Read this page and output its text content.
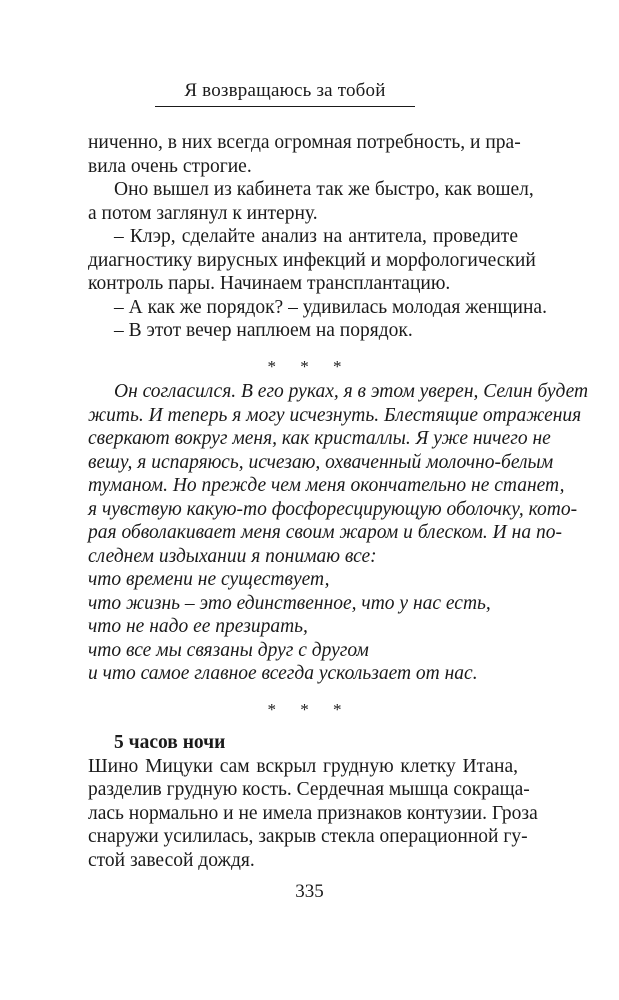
Я возвращаюсь за тобой
ниченно, в них всегда огромная потребность, и пра-
вила очень строгие.
Оно вышел из кабинета так же быстро, как вошел,
а потом заглянул к интерну.
– Клэр, сделайте анализ на антитела, проведите
диагностику вирусных инфекций и морфологический
контроль пары. Начинаем трансплантацию.
– А как же порядок? – удивилась молодая женщина.
– В этот вечер наплюем на порядок.
* * *
Он согласился. В его руках, я в этом уверен, Селин будет
жить. И теперь я могу исчезнуть. Блестящие отражения
сверкают вокруг меня, как кристаллы. Я уже ничего не
вешу, я испаряюсь, исчезаю, охваченный молочно-белым
туманом. Но прежде чем меня окончательно не станет,
я чувствую какую-то фосфоресцирующую оболочку, кото-
рая обволакивает меня своим жаром и блеском. И на по-
следнем издыхании я понимаю все:
что времени не существует,
что жизнь – это единственное, что у нас есть,
что не надо ее презирать,
что все мы связаны друг с другом
и что самое главное всегда ускользает от нас.
* * *
5 часов ночи
Шино Мицуки сам вскрыл грудную клетку Итана,
разделив грудную кость. Сердечная мышца сокраща-
лась нормально и не имела признаков контузии. Гроза
снаружи усилилась, закрыв стекла операционной гу-
стой завесой дождя.
335
